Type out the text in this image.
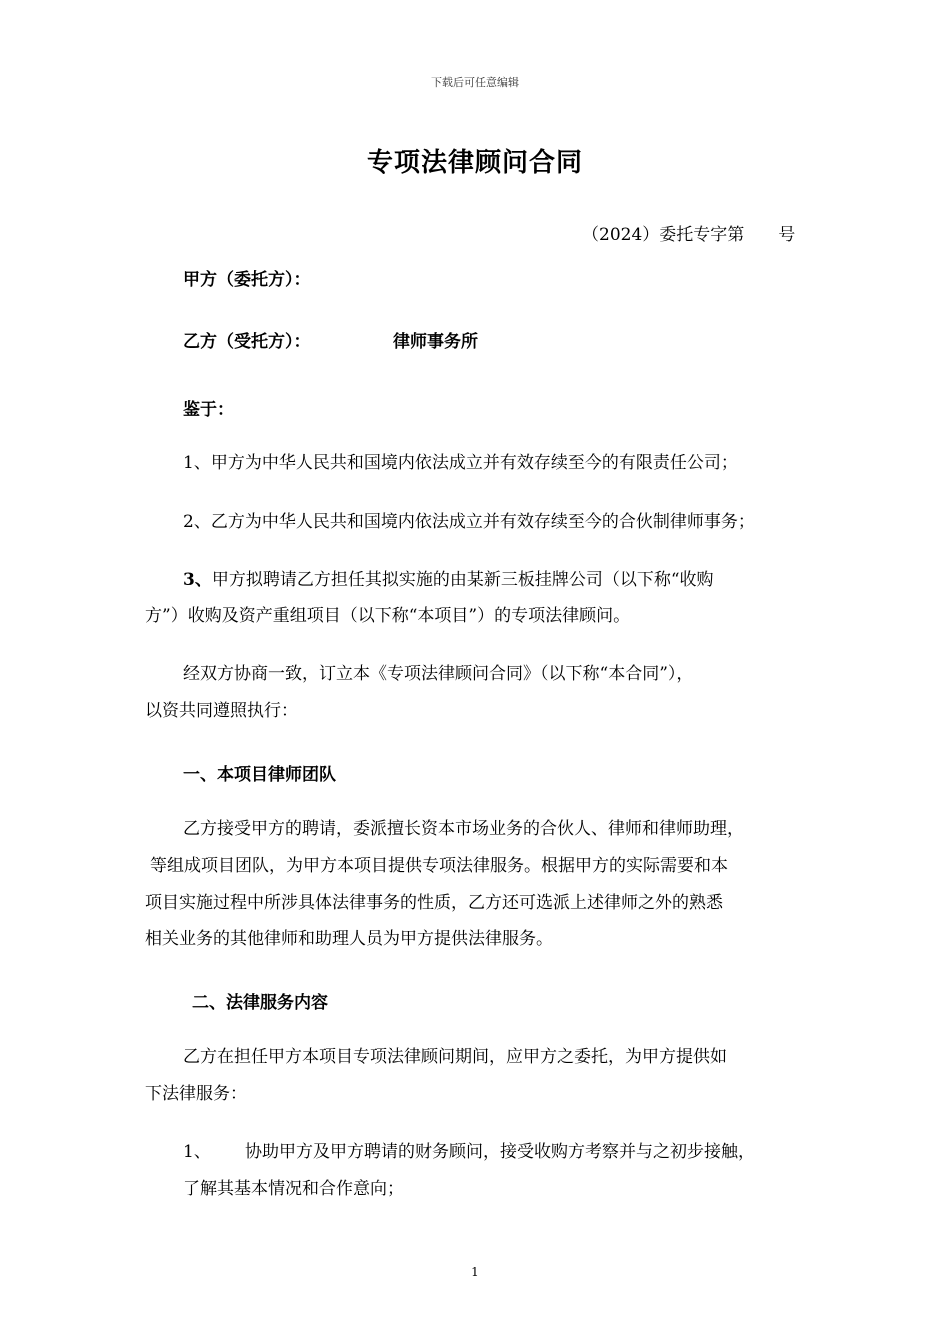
下载后可任意编辑
专项法律顾问合同
（2024）委托专字第　　号
甲方（委托方）：
乙方（受托方）：	律师事务所
鉴于：
1、甲方为中华人民共和国境内依法成立并有效存续至今的有限责任公司；
2、乙方为中华人民共和国境内依法成立并有效存续至今的合伙制律师事务；
3、甲方拟聘请乙方担任其拟实施的由某新三板挂牌公司（以下称“收购
方”）收购及资产重组项目（以下称“本项目”）的专项法律顾问。
经双方协商一致，订立本《专项法律顾问合同》（以下称“本合同”），
以资共同遵照执行：
一、本项目律师团队
乙方接受甲方的聘请，委派擅长资本市场业务的合伙人、律师和律师助理，
等组成项目团队，为甲方本项目提供专项法律服务。根据甲方的实际需要和本
项目实施过程中所涉具体法律事务的性质，乙方还可选派上述律师之外的熟悉
相关业务的其他律师和助理人员为甲方提供法律服务。
二、法律服务内容
乙方在担任甲方本项目专项法律顾问期间，应甲方之委托，为甲方提供如
下法律服务：
1、 协助甲方及甲方聘请的财务顾问，接受收购方考察并与之初步接触，
了解其基本情况和合作意向；
1
